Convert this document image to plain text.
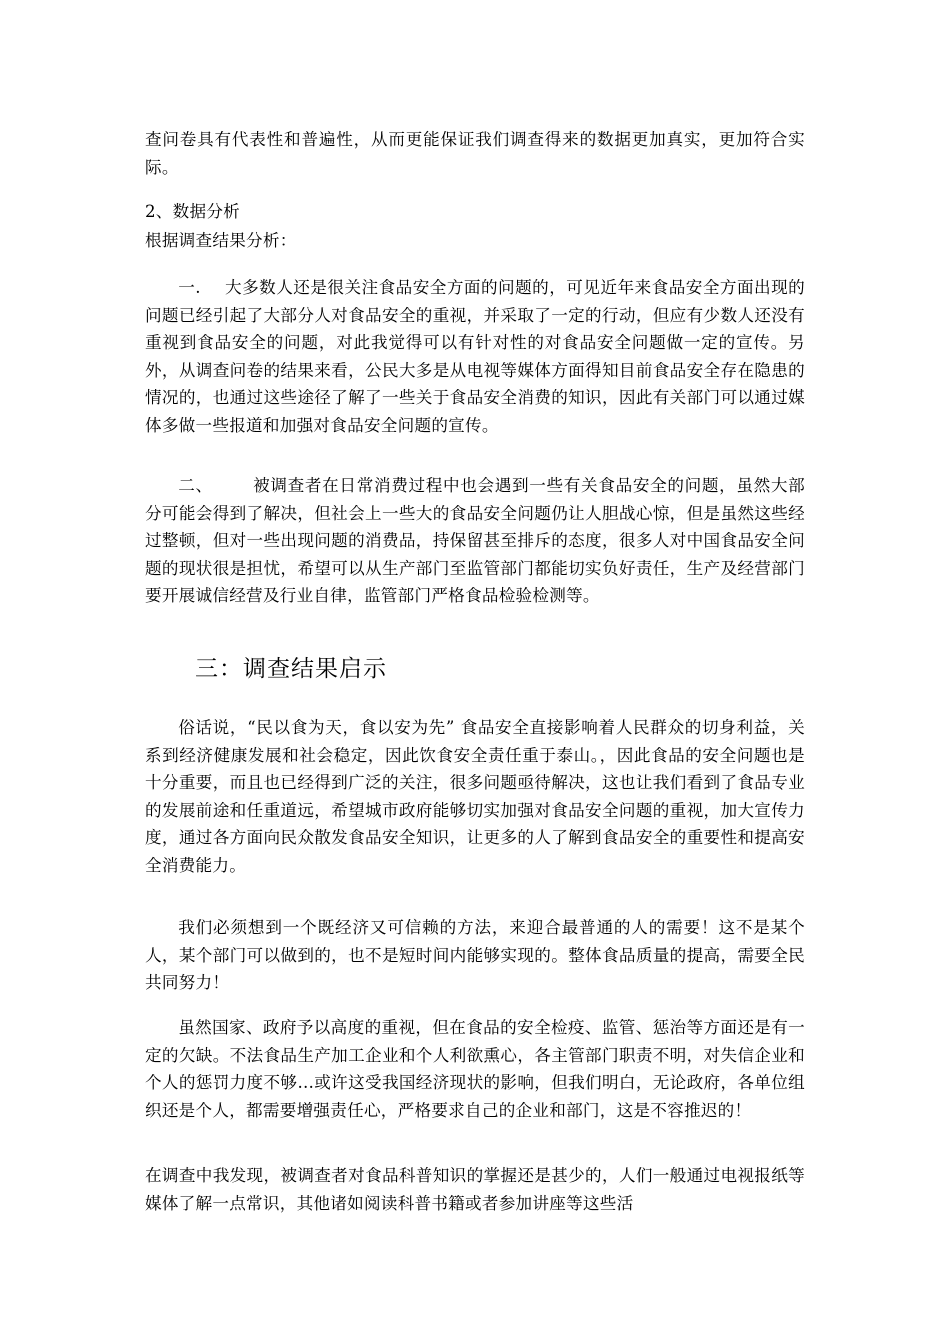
查问卷具有代表性和普遍性，从而更能保证我们调查得来的数据更加真实，更加符合实际。

2、数据分析

根据调查结果分析：

一. 大多数人还是很关注食品安全方面的问题的，可见近年来食品安全方面出现的问题已经引起了大部分人对食品安全的重视，并采取了一定的行动，但应有少数人还没有重视到食品安全的问题，对此我觉得可以有针对性的对食品安全问题做一定的宣传。另外，从调查问卷的结果来看，公民大多是从电视等媒体方面得知目前食品安全存在隐患的情况的，也通过这些途径了解了一些关于食品安全消费的知识，因此有关部门可以通过媒体多做一些报道和加强对食品安全问题的宣传。

二、 被调查者在日常消费过程中也会遇到一些有关食品安全的问题，虽然大部分可能会得到了解决，但社会上一些大的食品安全问题仍让人胆战心惊，但是虽然这些经过整顿，但对一些出现问题的消费品，持保留甚至排斥的态度，很多人对中国食品安全问题的现状很是担忧，希望可以从生产部门至监管部门都能切实负好责任，生产及经营部门要开展诚信经营及行业自律，监管部门严格食品检验检测等。

三：调查结果启示

俗话说，“民以食为天，食以安为先” 食品安全直接影响着人民群众的切身利益，关系到经济健康发展和社会稳定，因此饮食安全责任重于泰山。，因此食品的安全问题也是十分重要，而且也已经得到广泛的关注，很多问题亟待解决，这也让我们看到了食品专业的发展前途和任重道远，希望城市政府能够切实加强对食品安全问题的重视，加大宣传力度，通过各方面向民众散发食品安全知识，让更多的人了解到食品安全的重要性和提高安全消费能力。

我们必须想到一个既经济又可信赖的方法，来迎合最普通的人的需要！这不是某个人，某个部门可以做到的，也不是短时间内能够实现的。整体食品质量的提高，需要全民共同努力！

虽然国家、政府予以高度的重视，但在食品的安全检疫、监管、惩治等方面还是有一定的欠缺。不法食品生产加工企业和个人利欲熏心，各主管部门职责不明，对失信企业和个人的惩罚力度不够…或许这受我国经济现状的影响，但我们明白，无论政府，各单位组织还是个人，都需要增强责任心，严格要求自己的企业和部门，这是不容推迟的！

在调查中我发现，被调查者对食品科普知识的掌握还是甚少的，人们一般通过电视报纸等媒体了解一点常识，其他诸如阅读科普书籍或者参加讲座等这些活
